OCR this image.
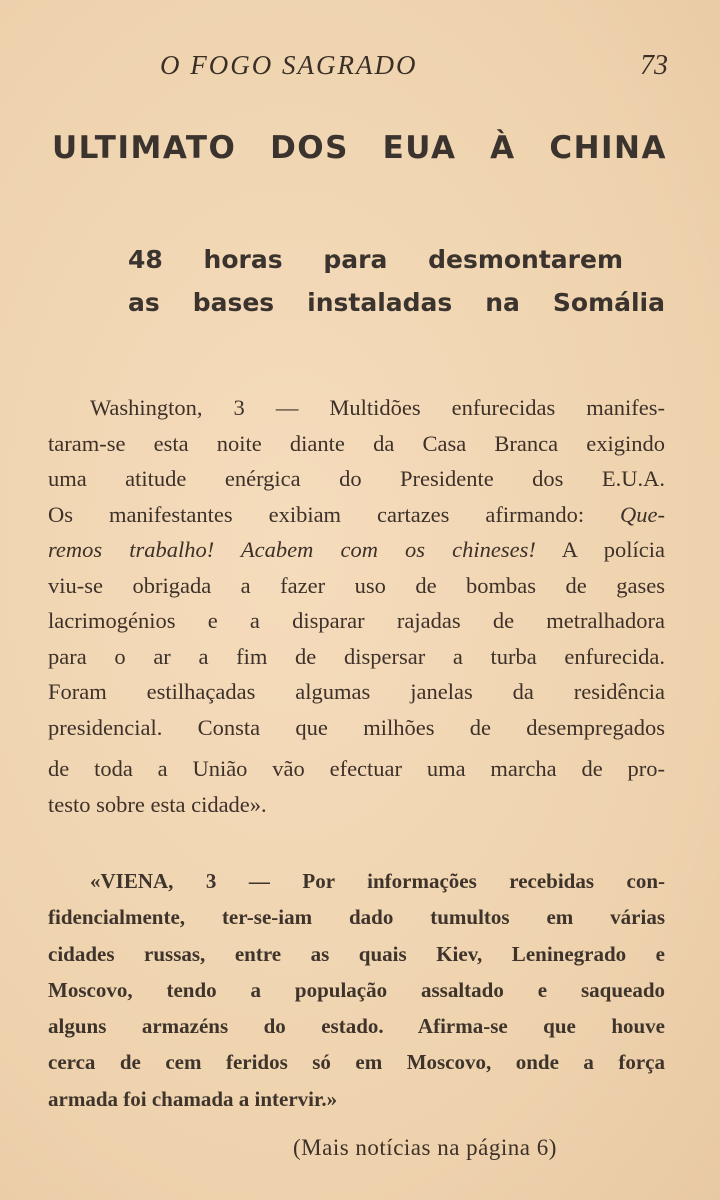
O FOGO SAGRADO	73
ULTIMATO DOS EUA À CHINA
48 horas para desmontarem
as bases instaladas na Somália
Washington, 3 — Multidões enfurecidas manifes-
taram-se esta noite diante da Casa Branca exigindo
uma atitude enérgica do Presidente dos E.U.A.
Os manifestantes exibiam cartazes afirmando: Que-
remos trabalho! Acabem com os chineses! A polícia
viu-se obrigada a fazer uso de bombas de gases
lacrimogénios e a disparar rajadas de metralhadora
para o ar a fim de dispersar a turba enfurecida.
Foram estilhaçadas algumas janelas da residência
presidencial. Consta que milhões de desempregados
de toda a União vão efectuar uma marcha de pro-
testo sobre esta cidade».
«VIENA, 3 — Por informações recebidas con-
fidencialmente, ter-se-iam dado tumultos em várias
cidades russas, entre as quais Kiev, Leninegrado e
Moscovo, tendo a população assaltado e saqueado
alguns armazéns do estado. Afirma-se que houve
cerca de cem feridos só em Moscovo, onde a força
armada foi chamada a intervir.»
(Mais notícias na página 6)
